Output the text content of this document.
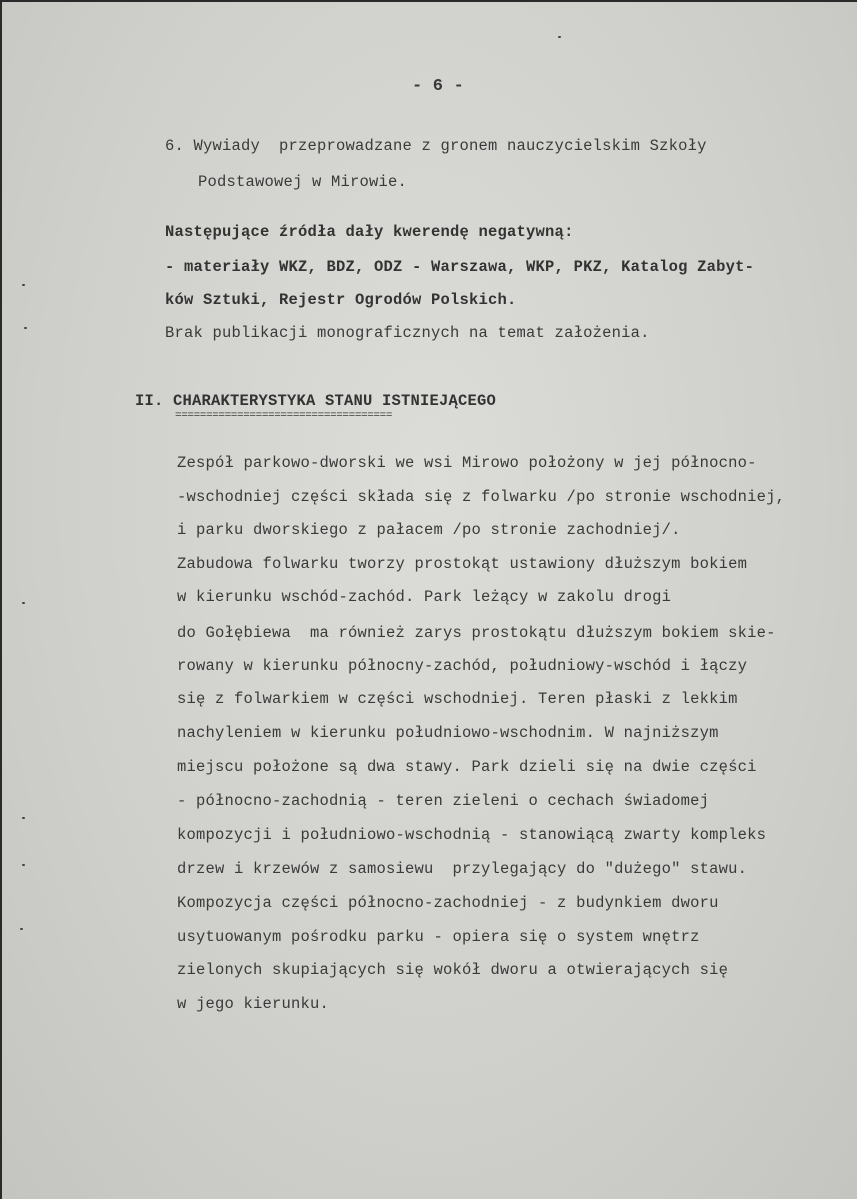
- 6 -
6. Wywiady  przeprowadzane z gronem nauczycielskim Szkoły
Podstawowej w Mirowie.
Następujące źródła dały kwerendę negatywną:
- materiały WKZ, BDZ, ODZ - Warszawa, WKP, PKZ, Katalog Zabyt-
ków Sztuki, Rejestr Ogrodów Polskich.
Brak publikacji monograficznych na temat założenia.
II. CHARAKTERYSTYKA STANU ISTNIEJĄCEGO
===================================
Zespół parkowo-dworski we wsi Mirowo położony w jej północno-
-wschodniej części składa się z folwarku /po stronie wschodniej,
i parku dworskiego z pałacem /po stronie zachodniej/.
Zabudowa folwarku tworzy prostokąt ustawiony dłuższym bokiem
w kierunku wschód-zachód. Park leżący w zakolu drogi
do Gołębiewa  ma również zarys prostokątu dłuższym bokiem skie-
rowany w kierunku północny-zachód, południowy-wschód i łączy
się z folwarkiem w części wschodniej. Teren płaski z lekkim
nachyleniem w kierunku południowo-wschodnim. W najniższym
miejscu położone są dwa stawy. Park dzieli się na dwie części
- północno-zachodnią - teren zieleni o cechach świadomej
kompozycji i południowo-wschodnią - stanowiącą zwarty kompleks
drzew i krzewów z samosiewu  przylegający do "dużego" stawu.
Kompozycja części północno-zachodniej - z budynkiem dworu
usytuowanym pośrodku parku - opiera się o system wnętrz
zielonych skupiających się wokół dworu a otwierających się
w jego kierunku.
